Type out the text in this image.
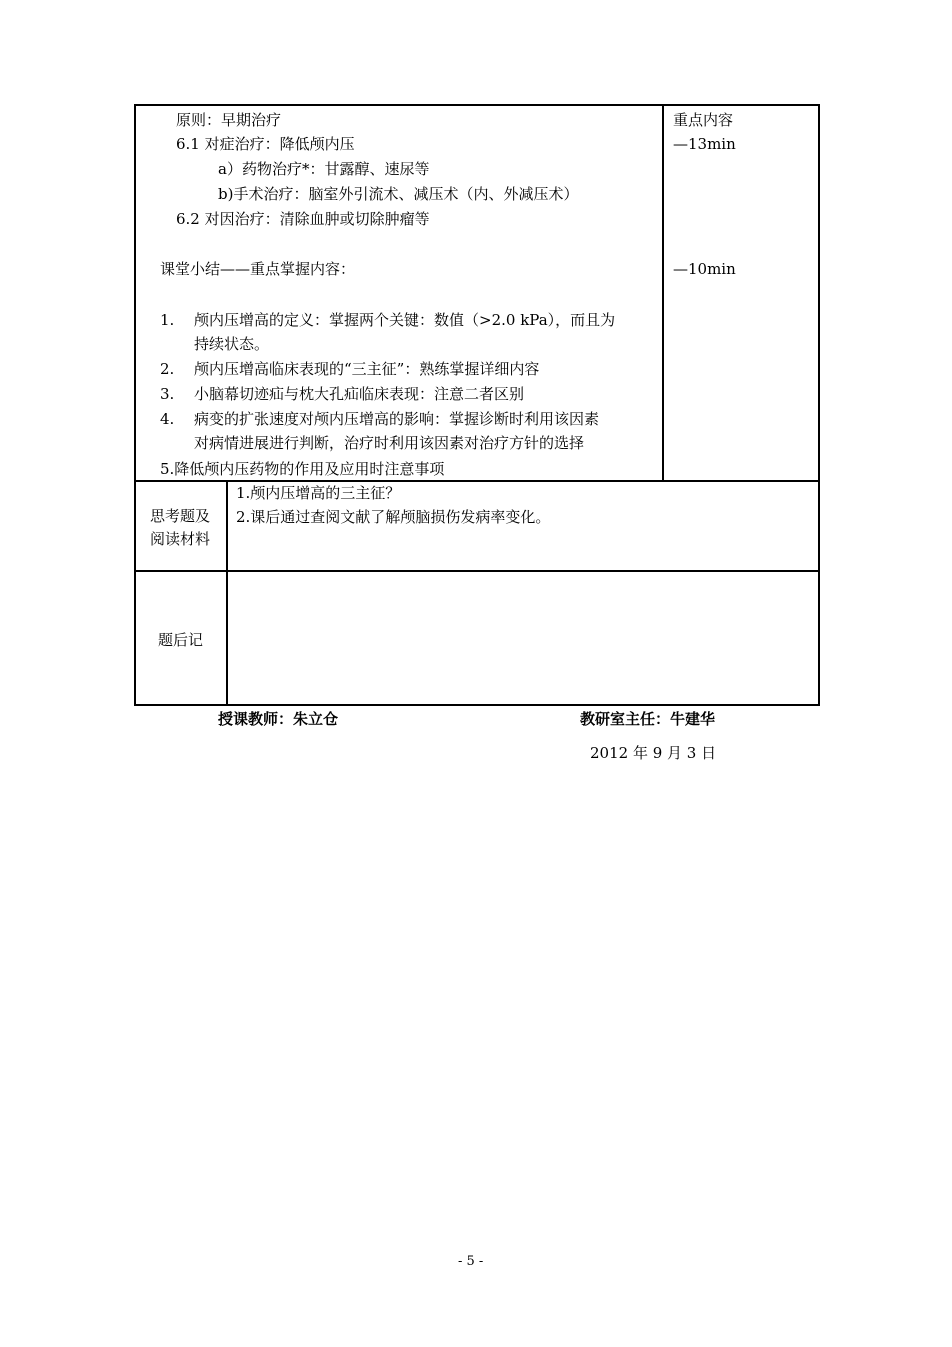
原则：早期治疗
6.1 对症治疗：降低颅内压
a）药物治疗*：甘露醇、速尿等
b)手术治疗：脑室外引流术、减压术（内、外减压术）
6.2 对因治疗：清除血肿或切除肿瘤等
课堂小结——重点掌握内容：
1. 颅内压增高的定义：掌握两个关键：数值（>2.0 kPa），而且为
持续状态。
2. 颅内压增高临床表现的“三主征”：熟练掌握详细内容
3. 小脑幕切迹疝与枕大孔疝临床表现：注意二者区别
4. 病变的扩张速度对颅内压增高的影响：掌握诊断时利用该因素
对病情进展进行判断，治疗时利用该因素对治疗方针的选择
5.降低颅内压药物的作用及应用时注意事项
重点内容
—13min
—10min
思考题及
阅读材料
1.颅内压增高的三主征？
2.课后通过查阅文献了解颅脑损伤发病率变化。
题后记
授课教师：朱立仓	教研室主任：牛建华
2012 年 9 月 3 日
- 5 -
